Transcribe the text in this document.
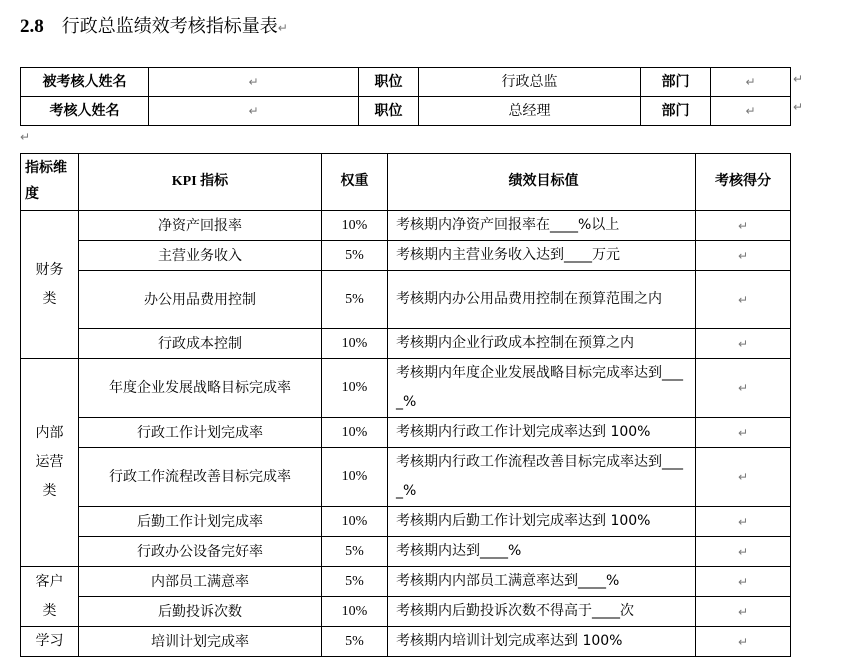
2.8 行政总监绩效考核指标量表↵
被考核人姓名	↵	职位	行政总监	部门	↵
考核人姓名	↵	职位	总经理	部门	↵
↵
↵
↵
指标维度	KPI 指标	权重	绩效目标值	考核得分
财务类	净资产回报率	10%	考核期内净资产回报率在____%以上	↵
	主营业务收入	5%	考核期内主营业务收入达到____万元	↵
	办公用品费用控制	5%	考核期内办公用品费用控制在预算范围之内	↵
	行政成本控制	10%	考核期内企业行政成本控制在预算之内	↵
内部运营类	年度企业发展战略目标完成率	10%	考核期内年度企业发展战略目标完成率达到____%	↵
	行政工作计划完成率	10%	考核期内行政工作计划完成率达到 100%	↵
	行政工作流程改善目标完成率	10%	考核期内行政工作流程改善目标完成率达到____%	↵
	后勤工作计划完成率	10%	考核期内后勤工作计划完成率达到 100%	↵
	行政办公设备完好率	5%	考核期内达到____%	↵
客户类	内部员工满意率	5%	考核期内内部员工满意率达到____%	↵
	后勤投诉次数	10%	考核期内后勤投诉次数不得高于____次	↵
学习	培训计划完成率	5%	考核期内培训计划完成率达到 100%	↵
